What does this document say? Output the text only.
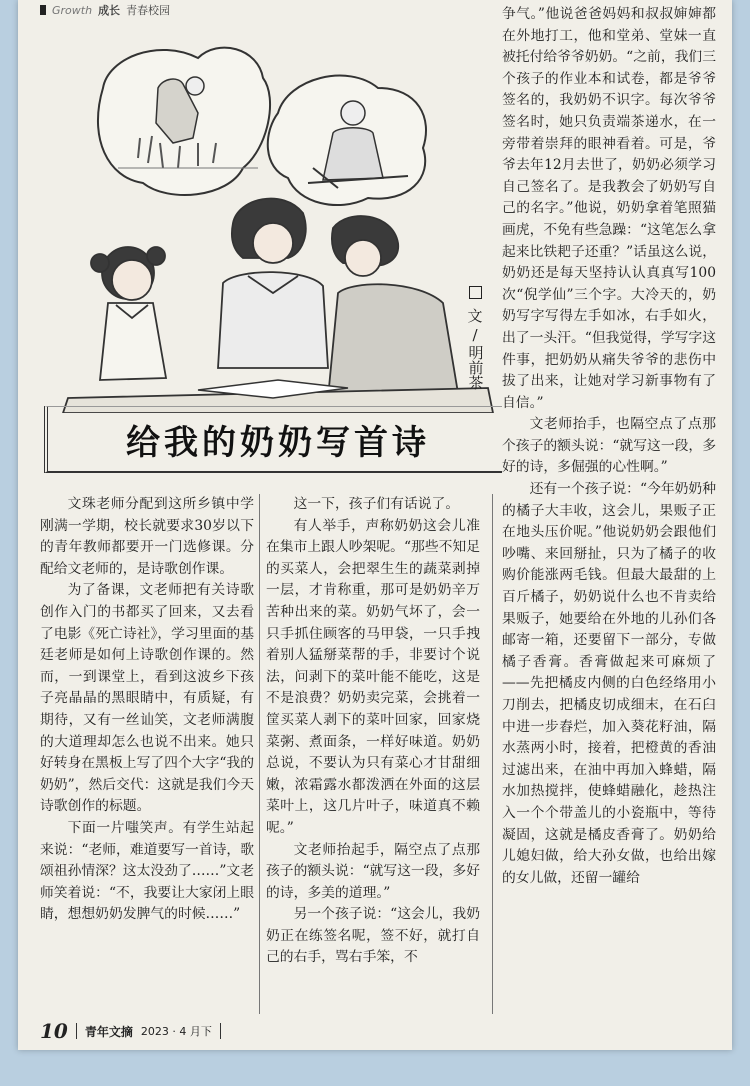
Growth 成长 青春校园
文
/
明前茶
给我的奶奶写首诗

文珠老师分配到这所乡镇中学刚满一学期，校长就要求30岁以下的青年教师都要开一门选修课。分配给文老师的，是诗歌创作课。

为了备课，文老师把有关诗歌创作入门的书都买了回来，又去看了电影《死亡诗社》，学习里面的基廷老师是如何上诗歌创作课的。然而，一到课堂上，看到这波乡下孩子亮晶晶的黑眼睛中，有质疑，有期待，又有一丝讪笑，文老师满腹的大道理却怎么也说不出来。她只好转身在黑板上写了四个大字“我的奶奶”，然后交代：这就是我们今天诗歌创作的标题。

下面一片嗤笑声。有学生站起来说：“老师，难道要写一首诗，歌颂祖孙情深？这太没劲了……”文老师笑着说：“不，我要让大家闭上眼睛，想想奶奶发脾气的时候……”

这一下，孩子们有话说了。

有人举手，声称奶奶这会儿准在集市上跟人吵架呢。“那些不知足的买菜人，会把翠生生的蔬菜剥掉一层，才肯称重，那可是奶奶辛万苦种出来的菜。奶奶气坏了，会一只手抓住顾客的马甲袋，一只手拽着别人猛掰菜帮的手，非要讨个说法，问剥下的菜叶能不能吃，这是不是浪费？奶奶卖完菜，会挑着一筐买菜人剥下的菜叶回家，回家烧菜粥、煮面条，一样好味道。奶奶总说，不要认为只有菜心才甘甜细嫩，浓霜露水都泼洒在外面的这层菜叶上，这几片叶子，味道真不赖呢。”

文老师抬起手，隔空点了点那孩子的额头说：“就写这一段，多好的诗，多美的道理。”

另一个孩子说：“这会儿，我奶奶正在练签名呢，签不好，就打自己的右手，骂右手笨，不

争气。”他说爸爸妈妈和叔叔婶婶都在外地打工，他和堂弟、堂妹一直被托付给爷爷奶奶。“之前，我们三个孩子的作业本和试卷，都是爷爷签名的，我奶奶不识字。每次爷爷签名时，她只负责端茶递水，在一旁带着崇拜的眼神看着。可是，爷爷去年12月去世了，奶奶必须学习自己签名了。是我教会了奶奶写自己的名字。”他说，奶奶拿着笔照猫画虎，不免有些急躁：“这笔怎么拿起来比铁耙子还重？”话虽这么说，奶奶还是每天坚持认认真真写100次“倪学仙”三个字。大冷天的，奶奶写字写得左手如冰，右手如火，出了一头汗。“但我觉得，学写字这件事，把奶奶从痛失爷爷的悲伤中拔了出来，让她对学习新事物有了自信。”

文老师抬手，也隔空点了点那个孩子的额头说：“就写这一段，多好的诗，多倔强的心性啊。”

还有一个孩子说：“今年奶奶种的橘子大丰收，这会儿，果贩子正在地头压价呢。”他说奶奶会跟他们吵嘴、来回掰扯，只为了橘子的收购价能涨两毛钱。但最大最甜的上百斤橘子，奶奶说什么也不肯卖给果贩子，她要给在外地的儿孙们各邮寄一箱，还要留下一部分，专做橘子香膏。香膏做起来可麻烦了——先把橘皮内侧的白色经络用小刀削去，把橘皮切成细末，在石臼中进一步舂烂，加入葵花籽油，隔水蒸两小时，接着，把橙黄的香油过滤出来，在油中再加入蜂蜡，隔水加热搅拌，使蜂蜡融化，趁热注入一个个带盖儿的小瓷瓶中，等待凝固，这就是橘皮香膏了。奶奶给儿媳妇做，给大孙女做，也给出嫁的女儿做，还留一罐给

10 青年文摘 2023 · 4 月下
